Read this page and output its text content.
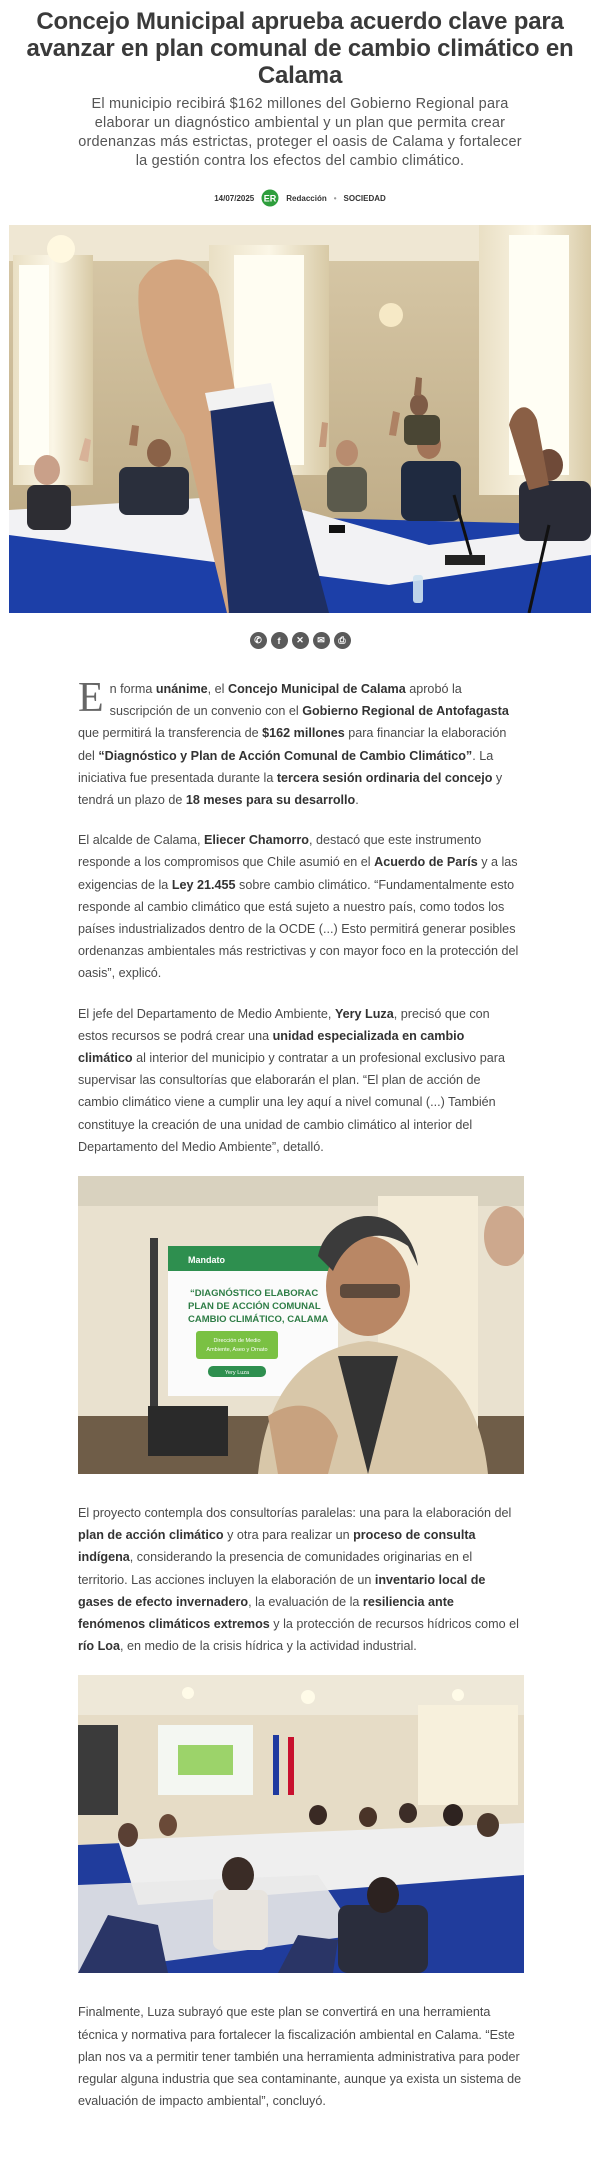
Concejo Municipal aprueba acuerdo clave para avanzar en plan comunal de cambio climático en Calama

El municipio recibirá $162 millones del Gobierno Regional para elaborar un diagnóstico ambiental y un plan que permita crear ordenanzas más estrictas, proteger el oasis de Calama y fortalecer la gestión contra los efectos del cambio climático.

14/07/2025 ER Redacción • SOCIEDAD
✆	f	✕	✉	⎙

En forma unánime, el Concejo Municipal de Calama aprobó la suscripción de un convenio con el Gobierno Regional de Antofagasta que permitirá la transferencia de $162 millones para financiar la elaboración del “Diagnóstico y Plan de Acción Comunal de Cambio Climático”. La iniciativa fue presentada durante la tercera sesión ordinaria del concejo y tendrá un plazo de 18 meses para su desarrollo.

El alcalde de Calama, Eliecer Chamorro, destacó que este instrumento responde a los compromisos que Chile asumió en el Acuerdo de París y a las exigencias de la Ley 21.455 sobre cambio climático. “Fundamentalmente esto responde al cambio climático que está sujeto a nuestro país, como todos los países industrializados dentro de la OCDE (...) Esto permitirá generar posibles ordenanzas ambientales más restrictivas y con mayor foco en la protección del oasis”, explicó.

El jefe del Departamento de Medio Ambiente, Yery Luza, precisó que con estos recursos se podrá crear una unidad especializada en cambio climático al interior del municipio y contratar a un profesional exclusivo para supervisar las consultorías que elaborarán el plan. “El plan de acción de cambio climático viene a cumplir una ley aquí a nivel comunal (...) También constituye la creación de una unidad de cambio climático al interior del Departamento del Medio Ambiente”, detalló.

Mandato
“DIAGNÓSTICO ELABORAC
PLAN DE ACCIÓN COMUNAL
CAMBIO CLIMÁTICO, CALAMA
Dirección de Medio
Ambiente, Aseo y Ornato
Yery Luza

El proyecto contempla dos consultorías paralelas: una para la elaboración del plan de acción climático y otra para realizar un proceso de consulta indígena, considerando la presencia de comunidades originarias en el territorio. Las acciones incluyen la elaboración de un inventario local de gases de efecto invernadero, la evaluación de la resiliencia ante fenómenos climáticos extremos y la protección de recursos hídricos como el río Loa, en medio de la crisis hídrica y la actividad industrial.

Finalmente, Luza subrayó que este plan se convertirá en una herramienta técnica y normativa para fortalecer la fiscalización ambiental en Calama. “Este plan nos va a permitir tener también una herramienta administrativa para poder regular alguna industria que sea contaminante, aunque ya exista un sistema de evaluación de impacto ambiental”, concluyó.
